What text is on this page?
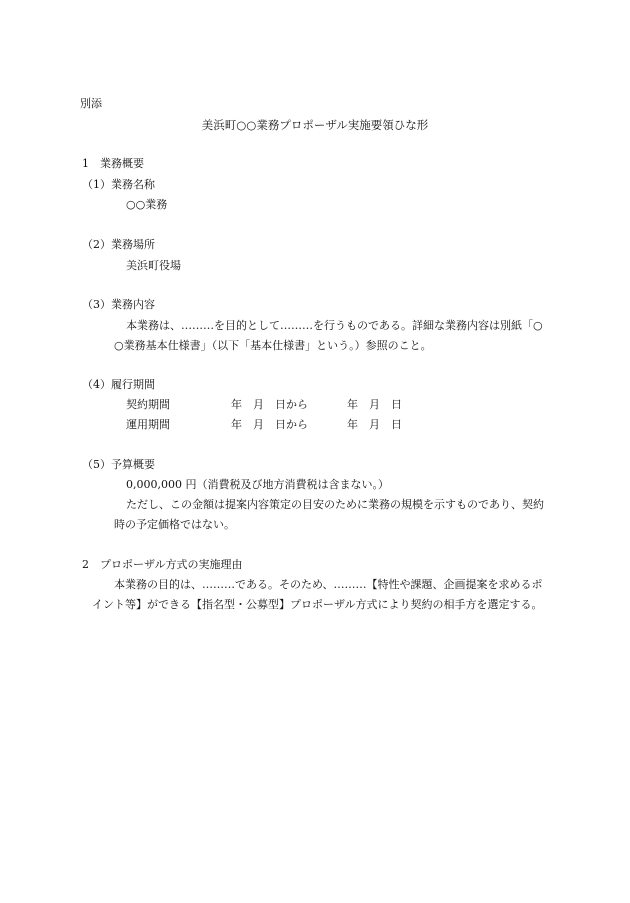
別添
美浜町○○業務プロポーザル実施要領ひな形
1　業務概要
（1）業務名称
○○業務
（2）業務場所
美浜町役場
（3）業務内容
本業務は、………を目的として………を行うものである。詳細な業務内容は別紙「○
○業務基本仕様書」（以下「基本仕様書」という。）参照のこと。
（4）履行期間
契約期間	年　月　日から	年　月　日
運用期間	年　月　日から	年　月　日
（5）予算概要
0,000,000 円（消費税及び地方消費税は含まない。）
ただし、この金額は提案内容策定の目安のために業務の規模を示すものであり、契約
時の予定価格ではない。
2　プロポーザル方式の実施理由
本業務の目的は、………である。そのため、………【特性や課題、企画提案を求めるポ
イント等】ができる【指名型・公募型】プロポーザル方式により契約の相手方を選定する。
